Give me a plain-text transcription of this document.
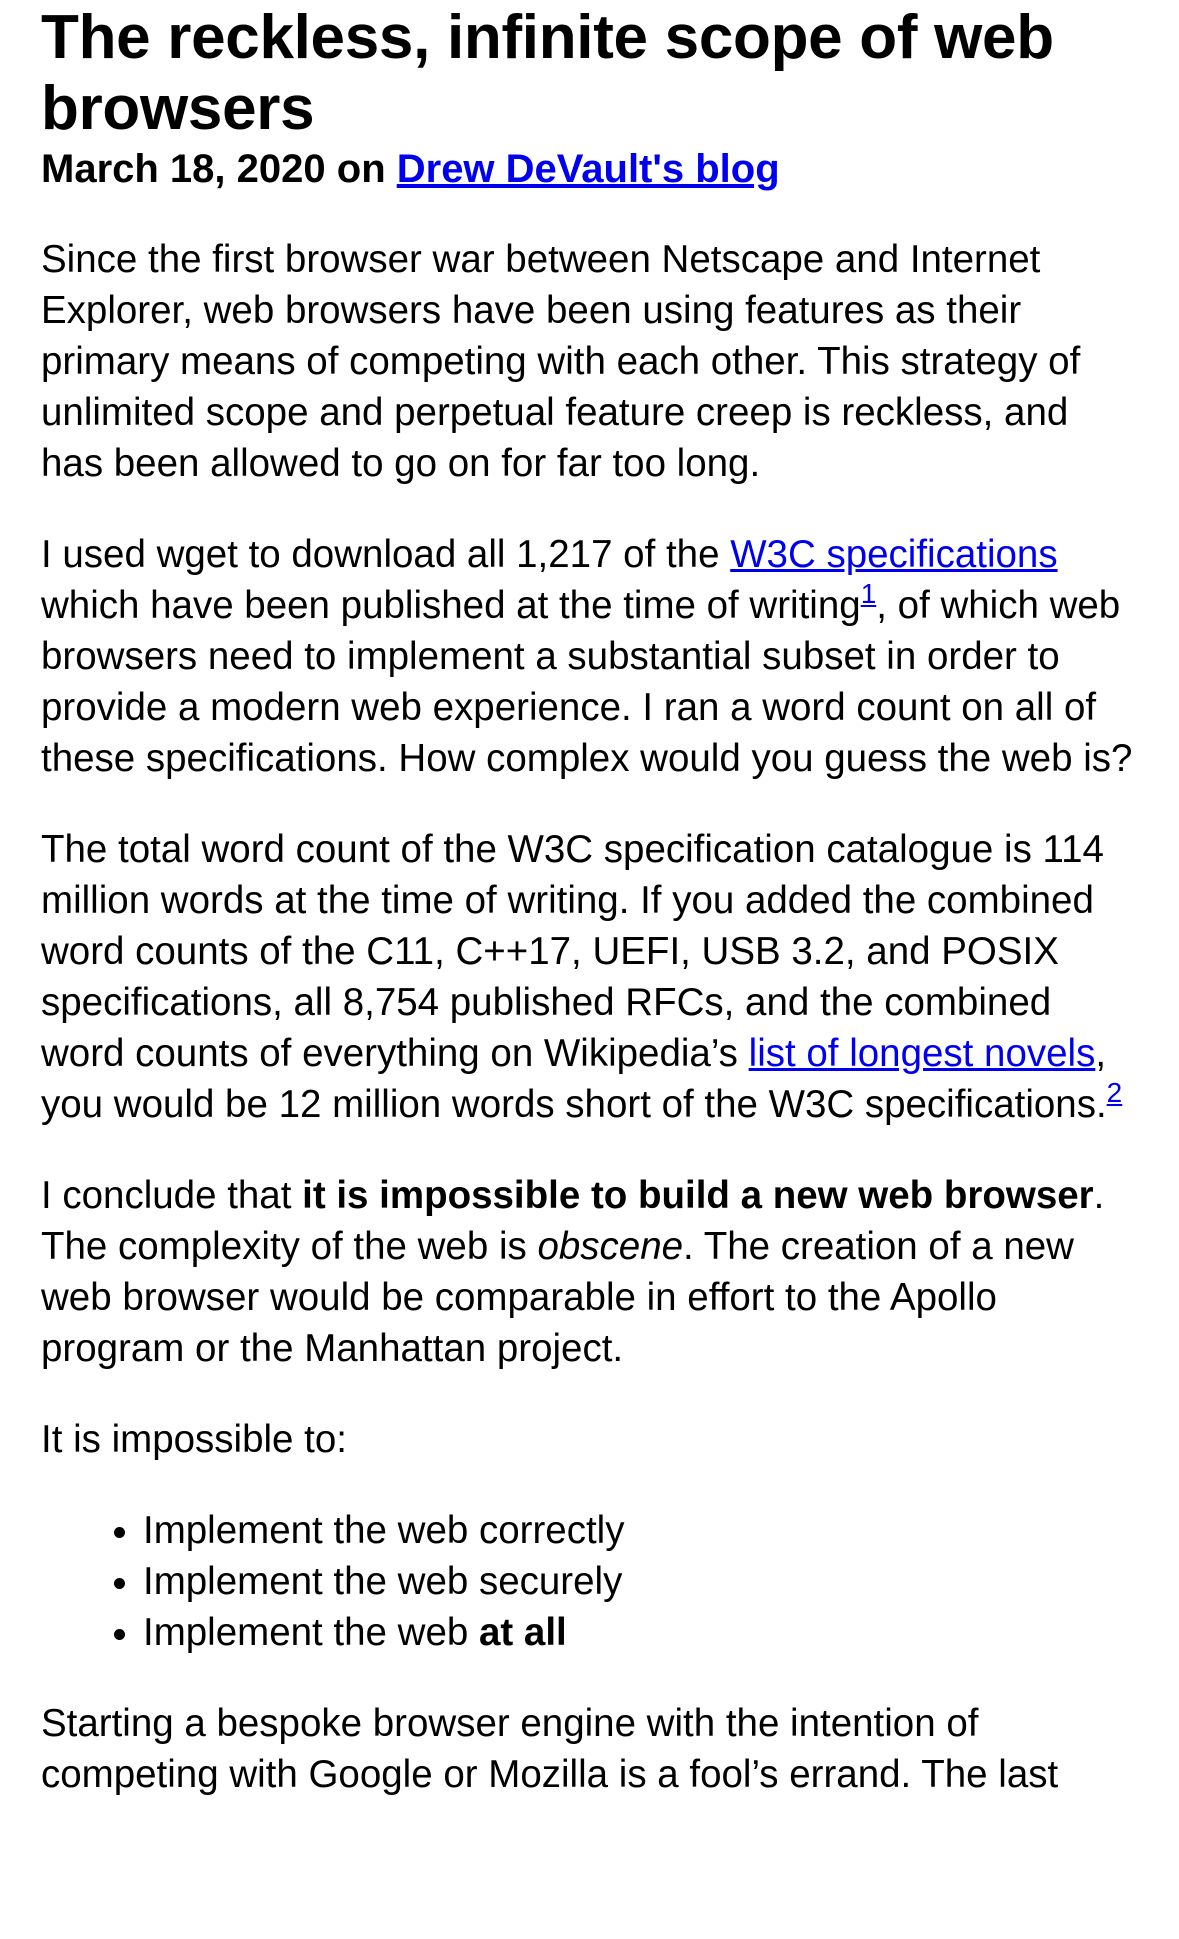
The reckless, infinite scope of web browsers
March 18, 2020 on Drew DeVault's blog

Since the first browser war between Netscape and Internet Explorer, web browsers have been using features as their primary means of competing with each other. This strategy of unlimited scope and perpetual feature creep is reckless, and has been allowed to go on for far too long.

I used wget to download all 1,217 of the W3C specifications which have been published at the time of writing$^1$, of which web browsers need to implement a substantial subset in order to provide a modern web experience. I ran a word count on all of these specifications. How complex would you guess the web is?

The total word count of the W3C specification catalogue is 114 million words at the time of writing. If you added the combined word counts of the C11, C++17, UEFI, USB 3.2, and POSIX specifications, all 8,754 published RFCs, and the combined word counts of everything on Wikipedia’s list of longest novels, you would be 12 million words short of the W3C specifications.$^2$

I conclude that it is impossible to build a new web browser. The complexity of the web is obscene. The creation of a new web browser would be comparable in effort to the Apollo program or the Manhattan project.

It is impossible to:

• Implement the web correctly
• Implement the web securely
• Implement the web at all

Starting a bespoke browser engine with the intention of competing with Google or Mozilla is a fool’s errand. The last
